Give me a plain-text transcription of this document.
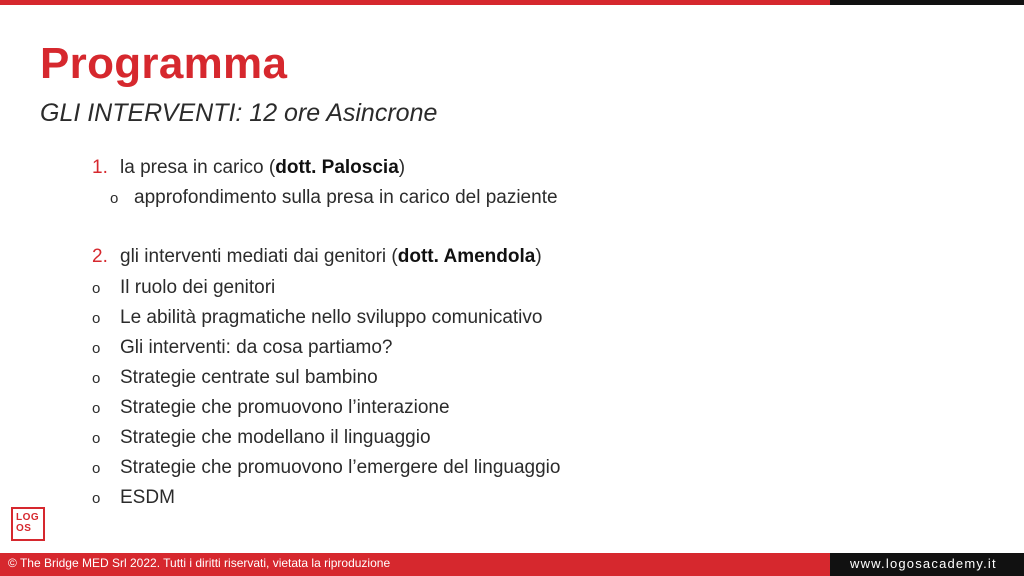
Programma

GLI INTERVENTI: 12 ore Asincrone

1. la presa in carico (dott. Paloscia)
o approfondimento sulla presa in carico del paziente
2. gli interventi mediati dai genitori (dott. Amendola)
o Il ruolo dei genitori
o Le abilità pragmatiche nello sviluppo comunicativo
o Gli interventi: da cosa partiamo?
o Strategie centrate sul bambino
o Strategie che promuovono l’interazione
o Strategie che modellano il linguaggio
o Strategie che promuovono l’emergere del linguaggio
o ESDM
LOG
OS
© The Bridge MED Srl 2022. Tutti i diritti riservati, vietata la riproduzione	www.logosacademy.it
